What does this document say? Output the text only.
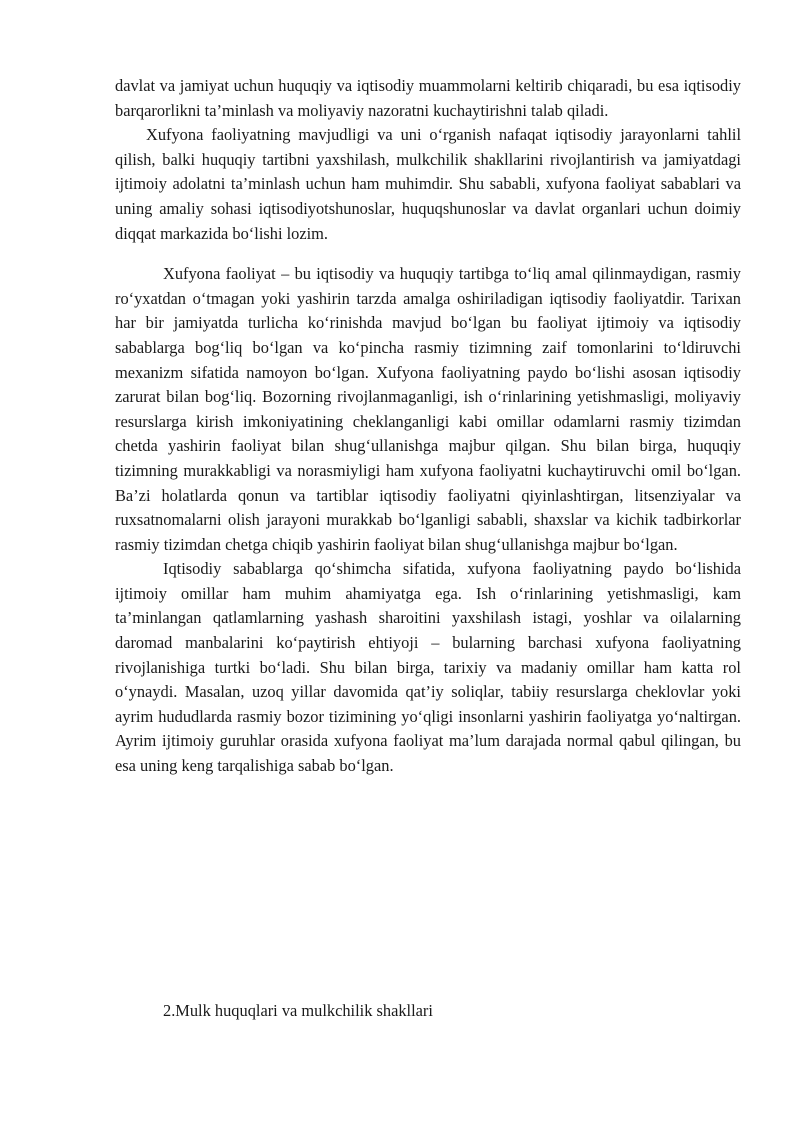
davlat va jamiyat uchun huquqiy va iqtisodiy muammolarni keltirib chiqaradi, bu esa iqtisodiy barqarorlikni ta’minlash va moliyaviy nazoratni kuchaytirishni talab qiladi.

Xufyona faoliyatning mavjudligi va uni o‘rganish nafaqat iqtisodiy jarayonlarni tahlil qilish, balki huquqiy tartibni yaxshilash, mulkchilik shakllarini rivojlantirish va jamiyatdagi ijtimoiy adolatni ta’minlash uchun ham muhimdir. Shu sababli, xufyona faoliyat sabablari va uning amaliy sohasi iqtisodiyotshunoslar, huquqshunoslar va davlat organlari uchun doimiy diqqat markazida bo‘lishi lozim.

Xufyona faoliyat – bu iqtisodiy va huquqiy tartibga to‘liq amal qilinmaydigan, rasmiy ro‘yxatdan o‘tmagan yoki yashirin tarzda amalga oshiriladigan iqtisodiy faoliyatdir. Tarixan har bir jamiyatda turlicha ko‘rinishda mavjud bo‘lgan bu faoliyat ijtimoiy va iqtisodiy sabablarga bog‘liq bo‘lgan va ko‘pincha rasmiy tizimning zaif tomonlarini to‘ldiruvchi mexanizm sifatida namoyon bo‘lgan. Xufyona faoliyatning paydo bo‘lishi asosan iqtisodiy zarurat bilan bog‘liq. Bozorning rivojlanmaganligi, ish o‘rinlarining yetishmasligi, moliyaviy resurslarga kirish imkoniyatining cheklanganligi kabi omillar odamlarni rasmiy tizimdan chetda yashirin faoliyat bilan shug‘ullanishga majbur qilgan. Shu bilan birga, huquqiy tizimning murakkabligi va norasmiyligi ham xufyona faoliyatni kuchaytiruvchi omil bo‘lgan. Ba’zi holatlarda qonun va tartiblar iqtisodiy faoliyatni qiyinlashtirgan, litsenziyalar va ruxsatnomalarni olish jarayoni murakkab bo‘lganligi sababli, shaxslar va kichik tadbirkorlar rasmiy tizimdan chetga chiqib yashirin faoliyat bilan shug‘ullanishga majbur bo‘lgan.

Iqtisodiy sabablarga qo‘shimcha sifatida, xufyona faoliyatning paydo bo‘lishida ijtimoiy omillar ham muhim ahamiyatga ega. Ish o‘rinlarining yetishmasligi, kam ta’minlangan qatlamlarning yashash sharoitini yaxshilash istagi, yoshlar va oilalarning daromad manbalarini ko‘paytirish ehtiyoji – bularning barchasi xufyona faoliyatning rivojlanishiga turtki bo‘ladi. Shu bilan birga, tarixiy va madaniy omillar ham katta rol o‘ynaydi. Masalan, uzoq yillar davomida qat’iy soliqlar, tabiiy resurslarga cheklovlar yoki ayrim hududlarda rasmiy bozor tizimining yo‘qligi insonlarni yashirin faoliyatga yo‘naltirgan. Ayrim ijtimoiy guruhlar orasida xufyona faoliyat ma’lum darajada normal qabul qilingan, bu esa uning keng tarqalishiga sabab bo‘lgan.

2.Mulk huquqlari va mulkchilik shakllari
